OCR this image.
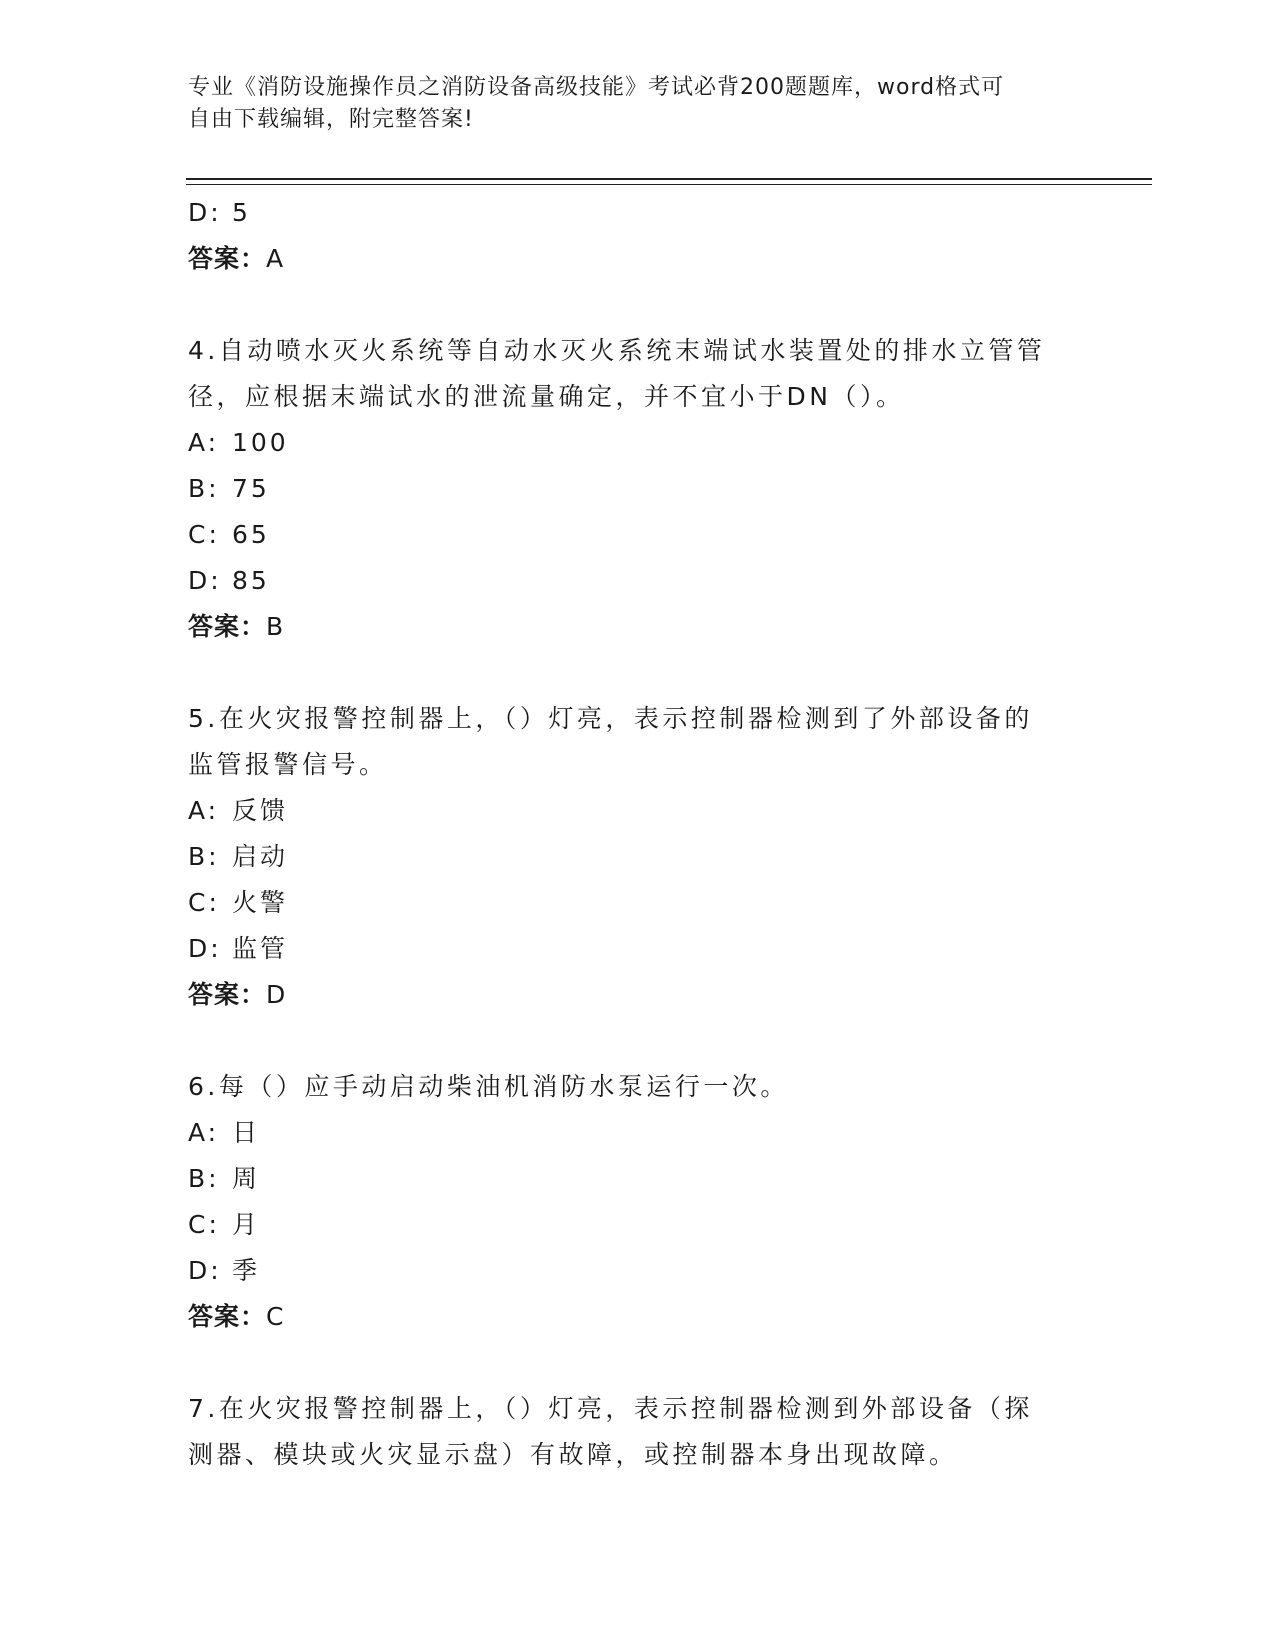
专业《消防设施操作员之消防设备高级技能》考试必背200题题库，word格式可
自由下载编辑，附完整答案!
D: 5
答案：A
4.自动喷水灭火系统等自动水灭火系统末端试水装置处的排水立管管
径，应根据末端试水的泄流量确定，并不宜小于DN（）。
A: 100
B: 75
C: 65
D: 85
答案：B
5.在火灾报警控制器上，（）灯亮，表示控制器检测到了外部设备的
监管报警信号。
A: 反馈
B: 启动
C: 火警
D: 监管
答案：D
6.每（）应手动启动柴油机消防水泵运行一次。
A: 日
B: 周
C: 月
D: 季
答案：C
7.在火灾报警控制器上，（）灯亮，表示控制器检测到外部设备（探
测器、模块或火灾显示盘）有故障，或控制器本身出现故障。
